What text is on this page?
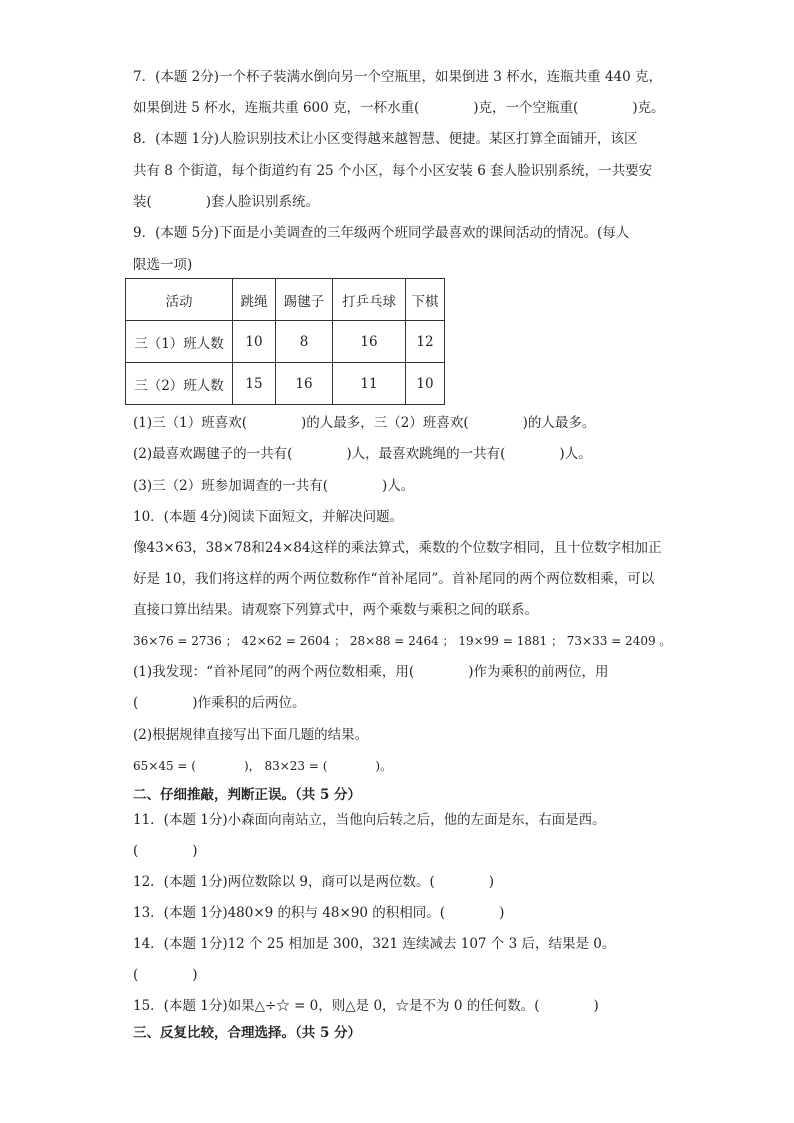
7．(本题 2分)一个杯子装满水倒向另一个空瓶里，如果倒进 3 杯水，连瓶共重 440 克，
如果倒进 5 杯水，连瓶共重 600 克，一杯水重(　　　　)克，一个空瓶重(　　　　)克。
8．(本题 1分)人脸识别技术让小区变得越来越智慧、便捷。某区打算全面铺开，该区
共有 8 个街道，每个街道约有 25 个小区，每个小区安装 6 套人脸识别系统，一共要安
装(　　　　)套人脸识别系统。
9．(本题 5分)下面是小美调查的三年级两个班同学最喜欢的课间活动的情况。(每人
限选一项)
活动	跳绳	踢毽子	打乒乓球	下棋
三（1）班人数	10	8	16	12
三（2）班人数	15	16	11	10
(1)三（1）班喜欢(　　　　)的人最多，三（2）班喜欢(　　　　)的人最多。
(2)最喜欢踢毽子的一共有(　　　　)人，最喜欢跳绳的一共有(　　　　)人。
(3)三（2）班参加调查的一共有(　　　　)人。
10．(本题 4分)阅读下面短文，并解决问题。
像43×63，38×78和24×84这样的乘法算式，乘数的个位数字相同，且十位数字相加正
好是 10，我们将这样的两个两位数称作“首补尾同”。首补尾同的两个两位数相乘，可以
直接口算出结果。请观察下列算式中，两个乘数与乘积之间的联系。
36×76 = 2736 ； 42×62 = 2604 ； 28×88 = 2464 ； 19×99 = 1881 ； 73×33 = 2409 。
(1)我发现：“首补尾同”的两个两位数相乘，用(　　　　)作为乘积的前两位，用
(　　　　)作乘积的后两位。
(2)根据规律直接写出下面几题的结果。
65×45 = (　　　　)， 83×23 = (　　　　)。
二、仔细推敲，判断正误。（共 5 分）
11．(本题 1分)小森面向南站立，当他向后转之后，他的左面是东，右面是西。
(　　　　)
12．(本题 1分)两位数除以 9，商可以是两位数。(　　　　)
13．(本题 1分)480×9 的积与 48×90 的积相同。(　　　　)
14．(本题 1分)12 个 25 相加是 300，321 连续减去 107 个 3 后，结果是 0。
(　　　　)
15．(本题 1分)如果△÷☆ = 0，则△是 0，☆是不为 0 的任何数。(　　　　)
三、反复比较，合理选择。（共 5 分）
